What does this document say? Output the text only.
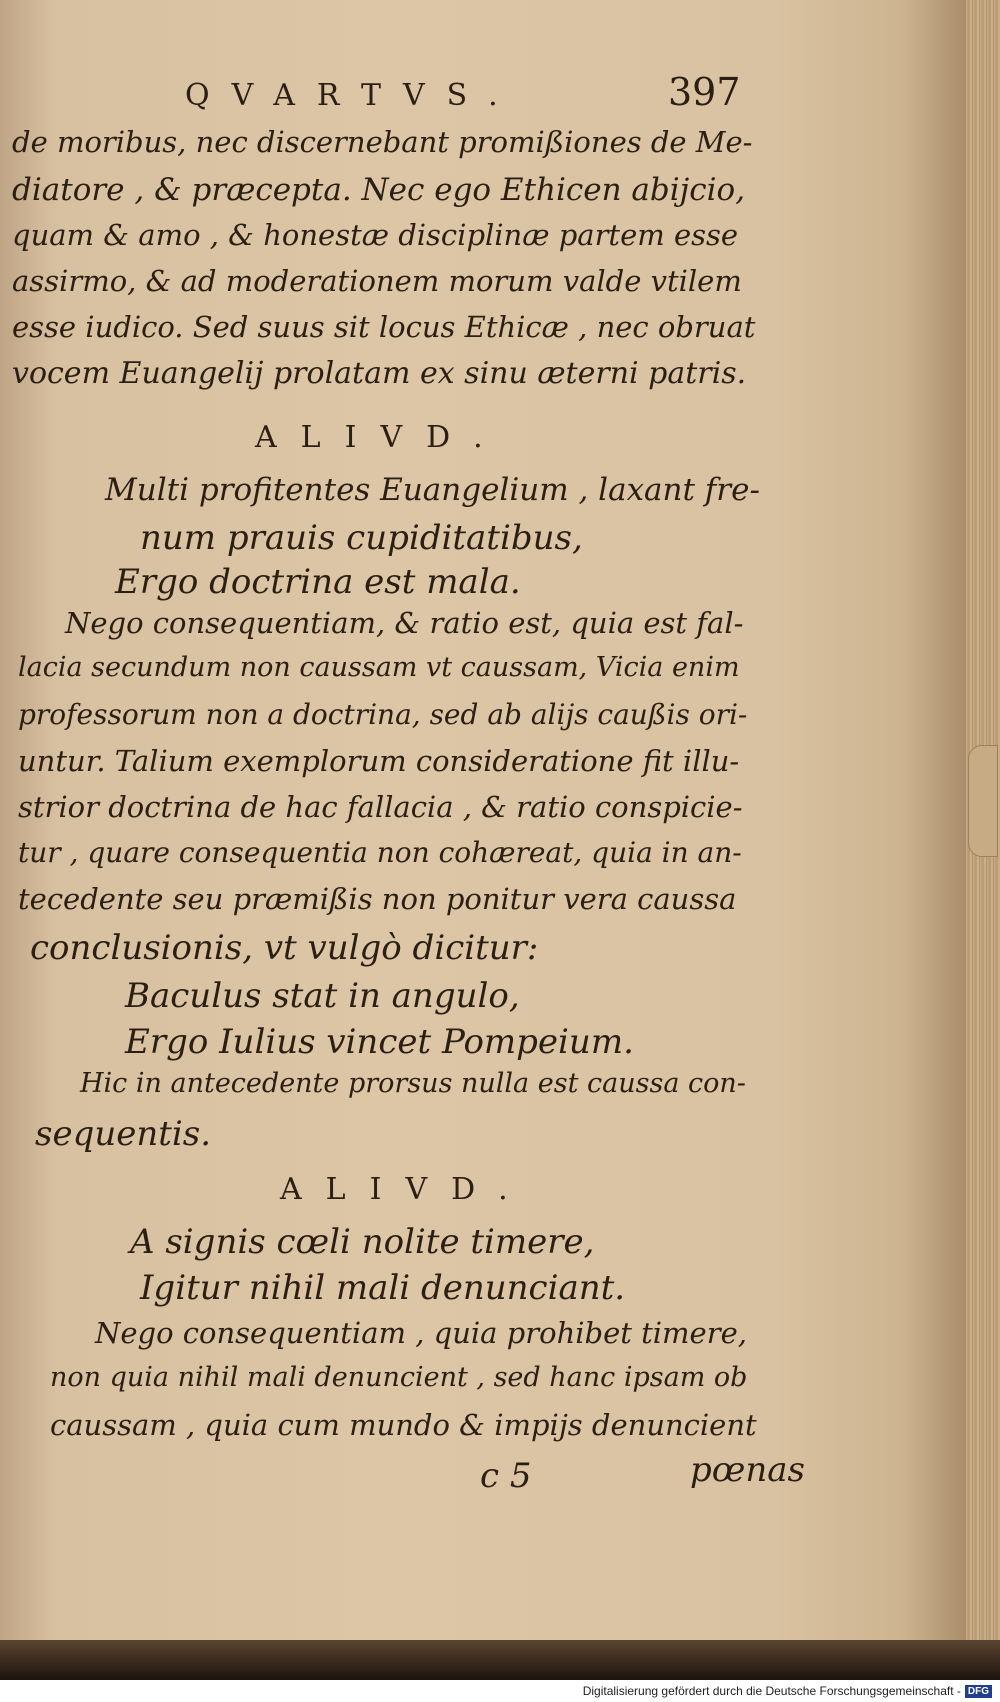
QVARTVS.	397
de moribus, nec discernebant promißiones de Me-
diatore , & præcepta. Nec ego Ethicen abijcio,
quam & amo , & honestæ disciplinæ partem esse
assirmo, & ad moderationem morum valde vtilem
esse iudico. Sed suus sit locus Ethicæ , nec obruat
vocem Euangelij prolatam ex sinu æterni patris.
ALIVD.
Multi profitentes Euangelium , laxant fre-
num prauis cupiditatibus,
Ergo doctrina est mala.
Nego consequentiam, & ratio est, quia est fal-
lacia secundum non caussam vt caussam, Vicia enim
professorum non a doctrina, sed ab alijs caußis ori-
untur. Talium exemplorum consideratione fit illu-
strior doctrina de hac fallacia , & ratio conspicie-
tur , quare consequentia non cohæreat, quia in an-
tecedente seu præmißis non ponitur vera caussa
conclusionis, vt vulgò dicitur:
Baculus stat in angulo,
Ergo Iulius vincet Pompeium.
Hic in antecedente prorsus nulla est caussa con-
sequentis.
ALIVD.
A signis cœli nolite timere,
Igitur nihil mali denunciant.
Nego consequentiam , quia prohibet timere,
non quia nihil mali denuncient , sed hanc ipsam ob
caussam , quia cum mundo & impijs denuncient
c 5	pœnas
Digitalisierung gefördert durch die Deutsche Forschungsgemeinschaft - DFG
